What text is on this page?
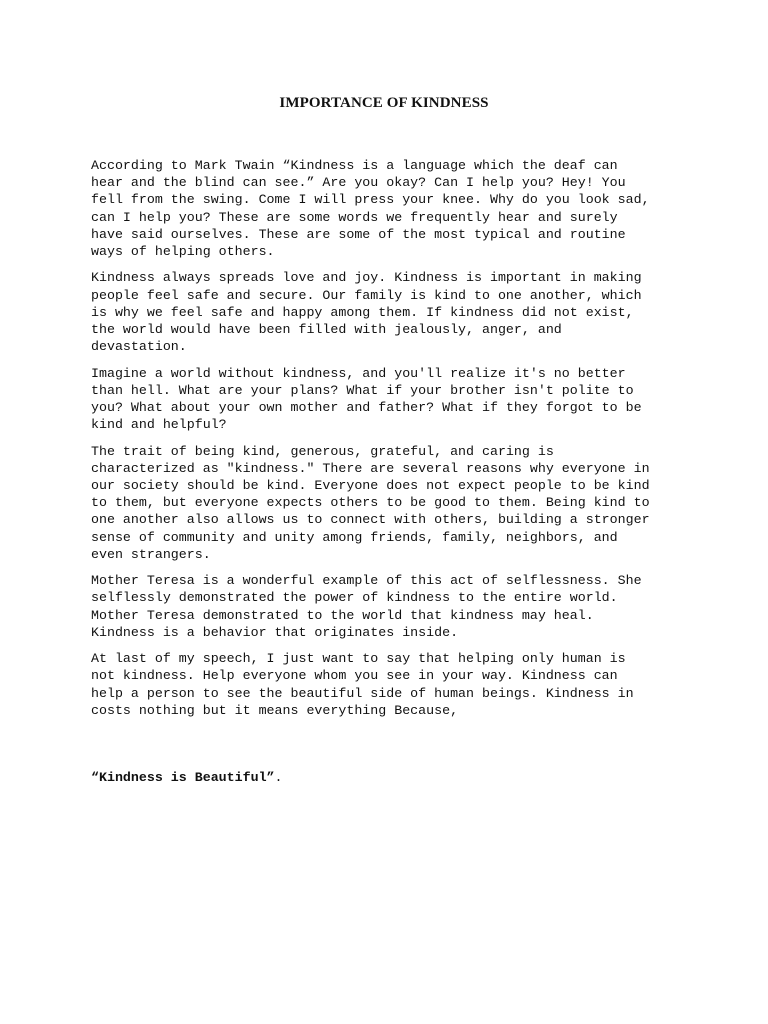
IMPORTANCE OF KINDNESS

According to Mark Twain “Kindness is a language which the deaf can
hear and the blind can see.” Are you okay? Can I help you? Hey! You
fell from the swing. Come I will press your knee. Why do you look sad,
can I help you? These are some words we frequently hear and surely
have said ourselves. These are some of the most typical and routine
ways of helping others.

Kindness always spreads love and joy. Kindness is important in making
people feel safe and secure. Our family is kind to one another, which
is why we feel safe and happy among them. If kindness did not exist,
the world would have been filled with jealously, anger, and
devastation.

Imagine a world without kindness, and you'll realize it's no better
than hell. What are your plans? What if your brother isn't polite to
you? What about your own mother and father? What if they forgot to be
kind and helpful?

The trait of being kind, generous, grateful, and caring is
characterized as "kindness." There are several reasons why everyone in
our society should be kind. Everyone does not expect people to be kind
to them, but everyone expects others to be good to them. Being kind to
one another also allows us to connect with others, building a stronger
sense of community and unity among friends, family, neighbors, and
even strangers.

Mother Teresa is a wonderful example of this act of selflessness. She
selflessly demonstrated the power of kindness to the entire world.
Mother Teresa demonstrated to the world that kindness may heal.
Kindness is a behavior that originates inside.

At last of my speech, I just want to say that helping only human is
not kindness. Help everyone whom you see in your way. Kindness can
help a person to see the beautiful side of human beings. Kindness in
costs nothing but it means everything Because,

“Kindness is Beautiful”.
